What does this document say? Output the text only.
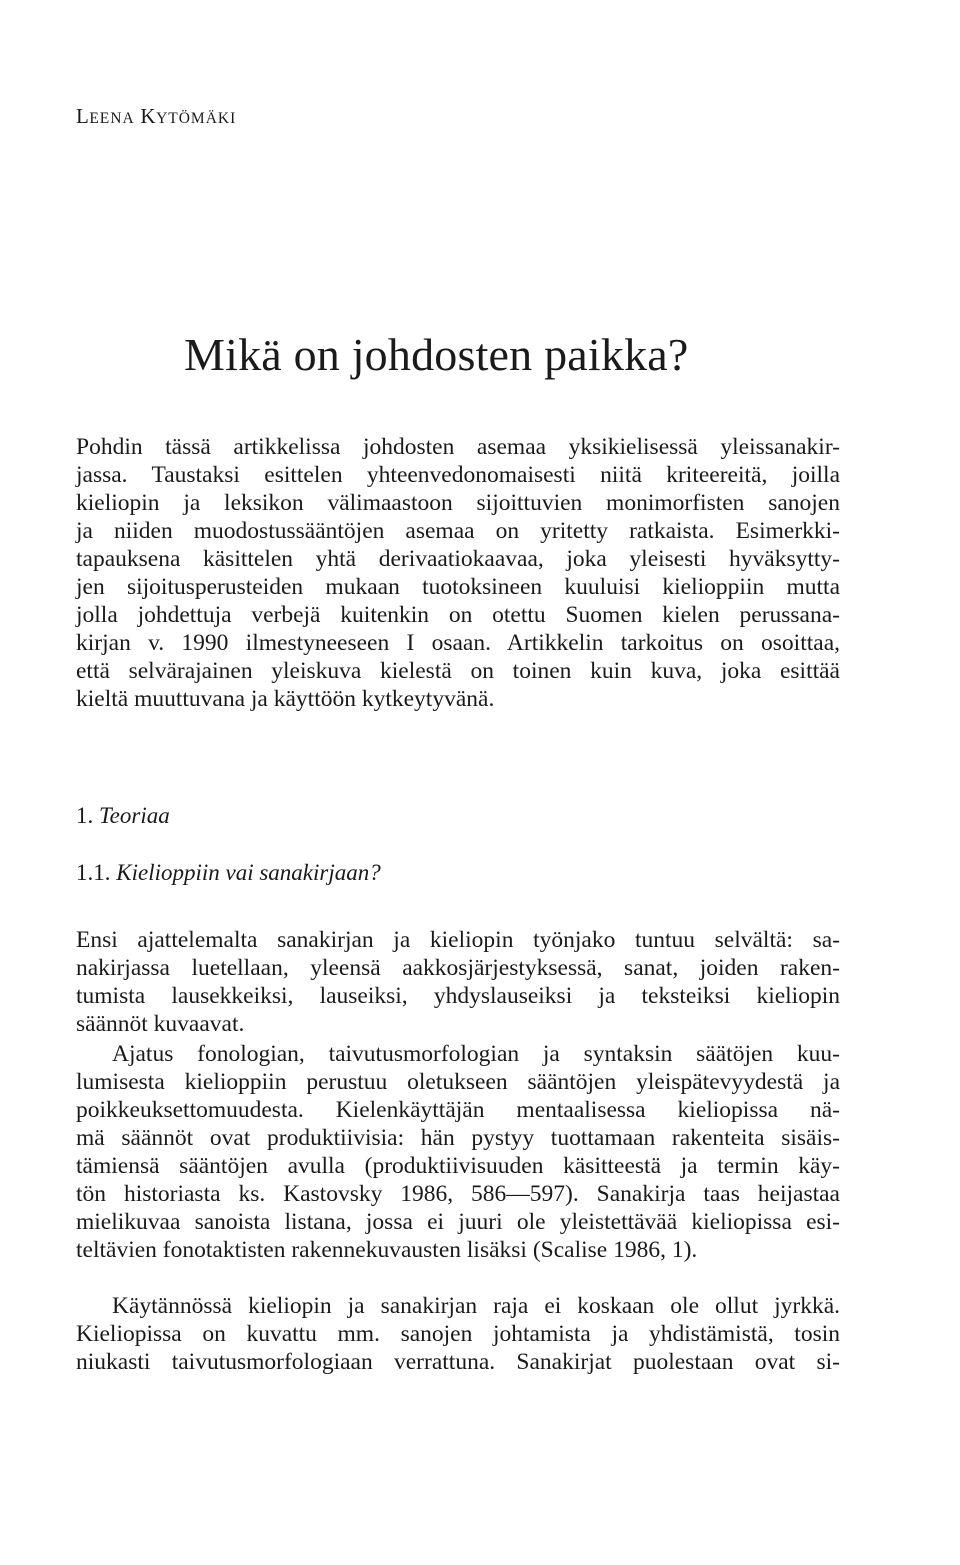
LEENA KYTÖMÄKI
Mikä on johdosten paikka?
Pohdin tässä artikkelissa johdosten asemaa yksikielisessä yleissanakir-
jassa. Taustaksi esittelen yhteenvedonomaisesti niitä kriteereitä, joilla
kieliopin ja leksikon välimaastoon sijoittuvien monimorfisten sanojen
ja niiden muodostussääntöjen asemaa on yritetty ratkaista. Esimerkki-
tapauksena käsittelen yhtä derivaatiokaavaa, joka yleisesti hyväksytty-
jen sijoitusperusteiden mukaan tuotoksineen kuuluisi kielioppiin mutta
jolla johdettuja verbejä kuitenkin on otettu Suomen kielen perussana-
kirjan v. 1990 ilmestyneeseen I osaan. Artikkelin tarkoitus on osoittaa,
että selvärajainen yleiskuva kielestä on toinen kuin kuva, joka esittää
kieltä muuttuvana ja käyttöön kytkeytyvänä.
1. Teoriaa
1.1. Kielioppiin vai sanakirjaan?
Ensi ajattelemalta sanakirjan ja kieliopin työnjako tuntuu selvältä: sa-
nakirjassa luetellaan, yleensä aakkosjärjestyksessä, sanat, joiden raken-
tumista lausekkeiksi, lauseiksi, yhdyslauseiksi ja teksteiksi kieliopin
säännöt kuvaavat.
Ajatus fonologian, taivutusmorfologian ja syntaksin säätöjen kuu-
lumisesta kielioppiin perustuu oletukseen sääntöjen yleispätevyydestä ja
poikkeuksettomuudesta. Kielenkäyttäjän mentaalisessa kieliopissa nä-
mä säännöt ovat produktiivisia: hän pystyy tuottamaan rakenteita sisäis-
tämiensä sääntöjen avulla (produktiivisuuden käsitteestä ja termin käy-
tön historiasta ks. Kastovsky 1986, 586—597). Sanakirja taas heijastaa
mielikuvaa sanoista listana, jossa ei juuri ole yleistettävää kieliopissa esi-
teltävien fonotaktisten rakennekuvausten lisäksi (Scalise 1986, 1).
Käytännössä kieliopin ja sanakirjan raja ei koskaan ole ollut jyrkkä.
Kieliopissa on kuvattu mm. sanojen johtamista ja yhdistämistä, tosin
niukasti taivutusmorfologiaan verrattuna. Sanakirjat puolestaan ovat si-
